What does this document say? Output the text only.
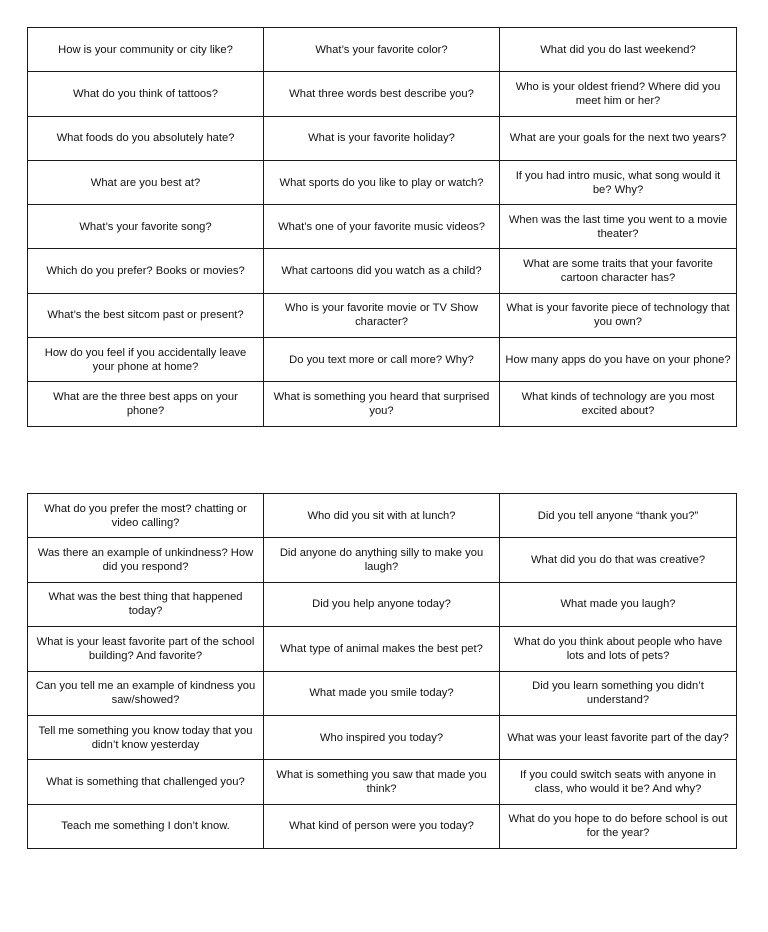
How is your community or city like?	What’s your favorite color?	What did you do last weekend?
What do you think of tattoos?	What three words best describe you?	Who is your oldest friend? Where did you meet him or her?
What foods do you absolutely hate?	What is your favorite holiday?	What are your goals for the next two years?
What are you best at?	What sports do you like to play or watch?	If you had intro music, what song would it be? Why?
What’s your favorite song?	What’s one of your favorite music videos?	When was the last time you went to a movie theater?
Which do you prefer? Books or movies?	What cartoons did you watch as a child?	What are some traits that your favorite cartoon character has?
What’s the best sitcom past or present?	Who is your favorite movie or TV Show character?	What is your favorite piece of technology that you own?
How do you feel if you accidentally leave your phone at home?	Do you text more or call more? Why?	How many apps do you have on your phone?
What are the three best apps on your phone?	What is something you heard that surprised you?	What kinds of technology are you most excited about?
What do you prefer the most? chatting or video calling?	Who did you sit with at lunch?	Did you tell anyone “thank you?”
Was there an example of unkindness? How did you respond?	Did anyone do anything silly to make you laugh?	What did you do that was creative?
What was the best thing that happened today?	Did you help anyone today?	What made you laugh?
What is your least favorite part of the school building? And favorite?	What type of animal makes the best pet?	What do you think about people who have lots and lots of pets?
Can you tell me an example of kindness you saw/showed?	What made you smile today?	Did you learn something you didn’t understand?
Tell me something you know today that you didn’t know yesterday	Who inspired you today?	What was your least favorite part of the day?
What is something that challenged you?	What is something you saw that made you think?	If you could switch seats with anyone in class, who would it be? And why?
Teach me something I don’t know.	What kind of person were you today?	What do you hope to do before school is out for the year?
